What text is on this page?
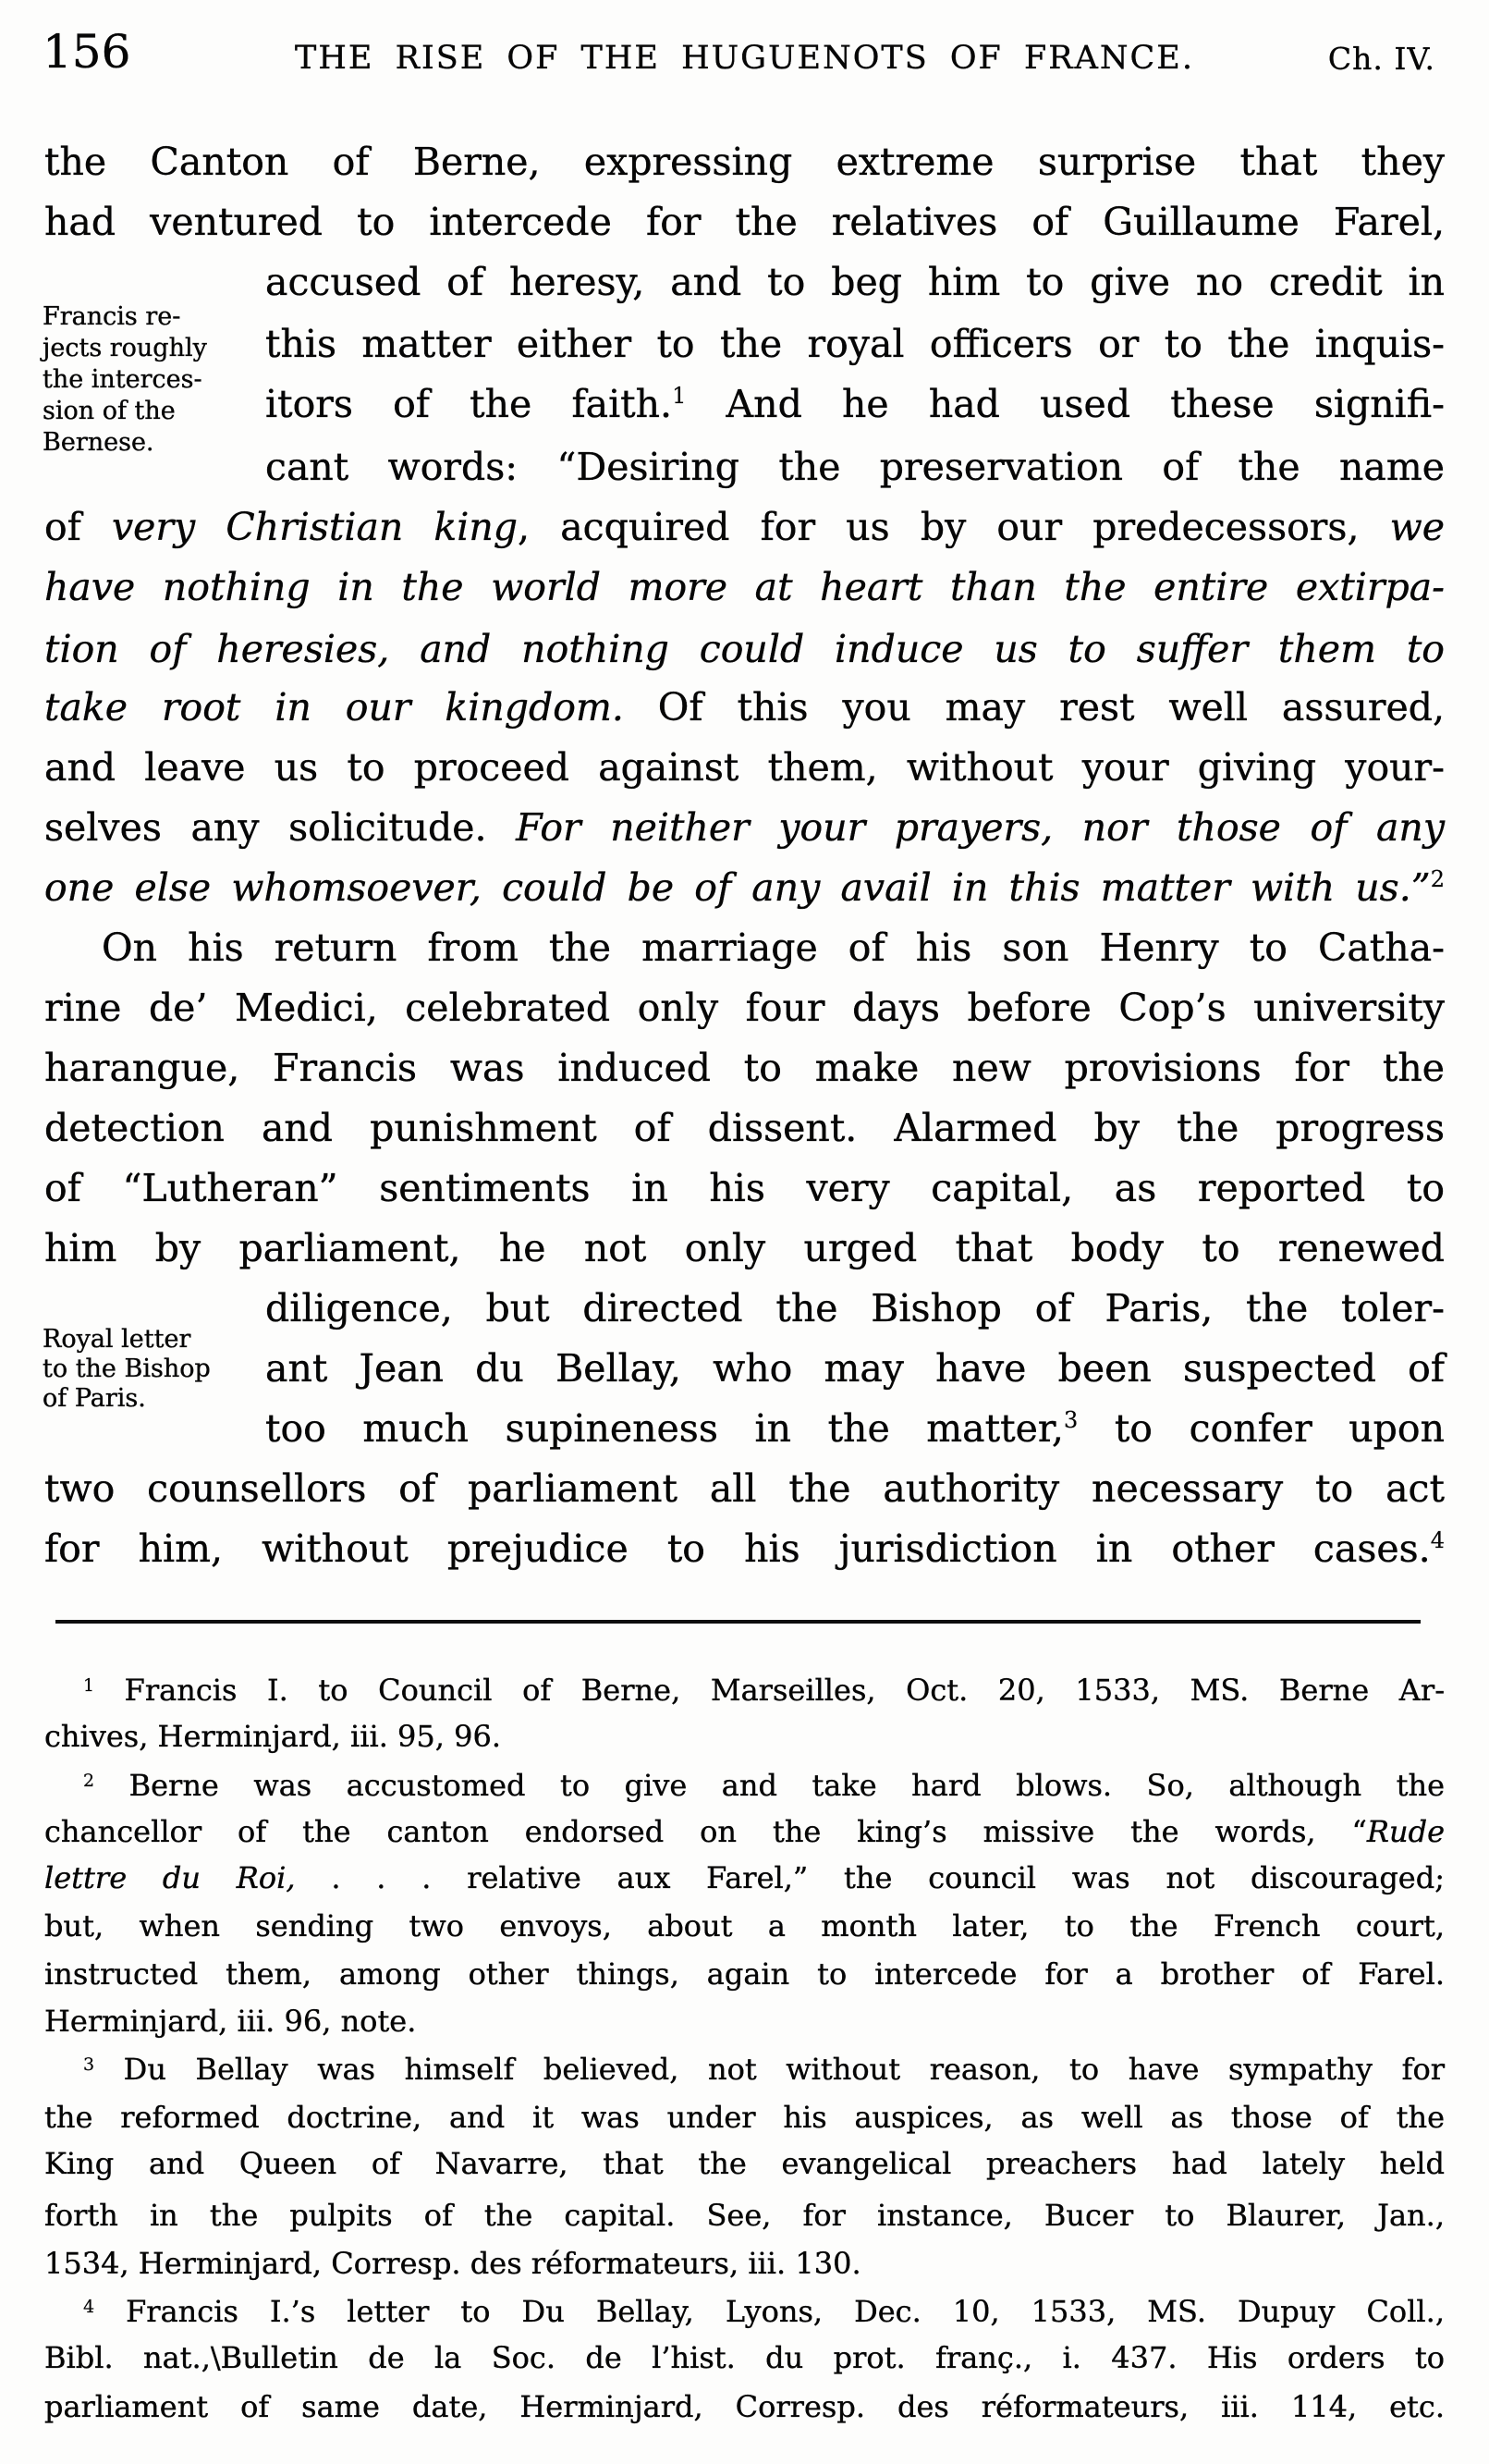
156	THE RISE OF THE HUGUENOTS OF FRANCE.	Ch. IV.
Francis re-
jects roughly
the interces-
sion of the
Bernese.
Royal letter
to the Bishop
of Paris.
the Canton of Berne, expressing extreme surprise that they
had ventured to intercede for the relatives of Guillaume Farel,
accused of heresy, and to beg him to give no credit in
this matter either to the royal officers or to the inquis-
itors of the faith.$^1$ And he had used these signifi-
cant words: “Desiring the preservation of the name
of very Christian king, acquired for us by our predecessors, we
have nothing in the world more at heart than the entire extirpa-
tion of heresies, and nothing could induce us to suffer them to
take root in our kingdom. Of this you may rest well assured,
and leave us to proceed against them, without your giving your-
selves any solicitude. For neither your prayers, nor those of any
one else whomsoever, could be of any avail in this matter with us.”$^2$
On his return from the marriage of his son Henry to Catha-
rine de’ Medici, celebrated only four days before Cop’s university
harangue, Francis was induced to make new provisions for the
detection and punishment of dissent. Alarmed by the progress
of “Lutheran” sentiments in his very capital, as reported to
him by parliament, he not only urged that body to renewed
diligence, but directed the Bishop of Paris, the toler-
ant Jean du Bellay, who may have been suspected of
too much supineness in the matter,$^3$ to confer upon
two counsellors of parliament all the authority necessary to act
for him, without prejudice to his jurisdiction in other cases.$^4$
$^1$ Francis I. to Council of Berne, Marseilles, Oct. 20, 1533, MS. Berne Ar-
chives, Herminjard, iii. 95, 96.
$^2$ Berne was accustomed to give and take hard blows. So, although the
chancellor of the canton endorsed on the king’s missive the words, “Rude
lettre du Roi, . . . relative aux Farel,” the council was not discouraged;
but, when sending two envoys, about a month later, to the French court,
instructed them, among other things, again to intercede for a brother of Farel.
Herminjard, iii. 96, note.
$^3$ Du Bellay was himself believed, not without reason, to have sympathy for
the reformed doctrine, and it was under his auspices, as well as those of the
King and Queen of Navarre, that the evangelical preachers had lately held
forth in the pulpits of the capital. See, for instance, Bucer to Blaurer, Jan.,
1534, Herminjard, Corresp. des réformateurs, iii. 130.
$^4$ Francis I.’s letter to Du Bellay, Lyons, Dec. 10, 1533, MS. Dupuy Coll.,
Bibl. nat.,\Bulletin de la Soc. de l’hist. du prot. franç., i. 437. His orders to
parliament of same date, Herminjard, Corresp. des réformateurs, iii. 114, etc.
